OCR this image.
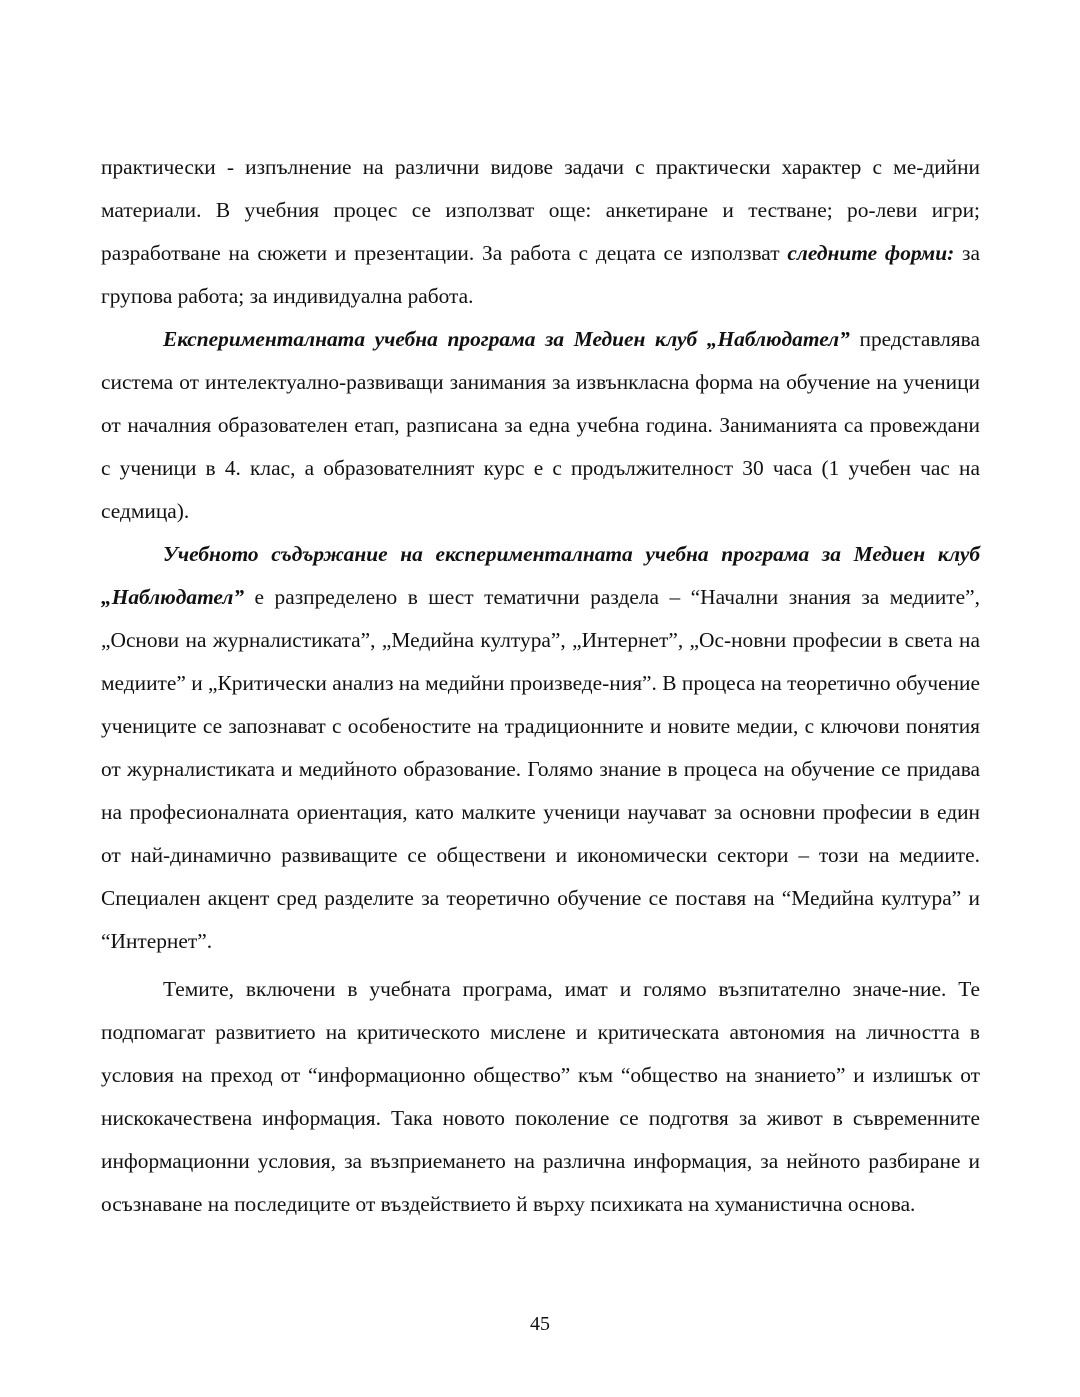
практически - изпълнение на различни видове задачи с практически характер с ме-дийни материали. В учебния процес се използват още: анкетиране и тестване; ро-леви игри; разработване на сюжети и презентации. За работа с децата се използват следните форми: за групова работа; за индивидуална работа.

Експерименталната учебна програма за Медиен клуб „Наблюдател” представлява система от интелектуално-развиващи занимания за извънкласна форма на обучение на ученици от началния образователен етап, разписана за една учебна година. Заниманията са провеждани с ученици в 4. клас, а образователният курс е с продължителност 30 часа (1 учебен час на седмица).

Учебното съдържание на експерименталната учебна програма за Медиен клуб „Наблюдател” е разпределено в шест тематични раздела – “Начални знания за медиите”, „Основи на журналистиката”, „Медийна култура”, „Интернет”, „Ос-новни професии в света на медиите” и „Критически анализ на медийни произведе-ния”. В процеса на теоретично обучение учениците се запознават с особеностите на традиционните и новите медии, с ключови понятия от журналистиката и медийното образование. Голямо знание в процеса на обучение се придава на професионалната ориентация, като малките ученици научават за основни професии в един от най-динамично развиващите се обществени и икономически сектори – този на медиите. Специален акцент сред разделите за теоретично обучение се поставя на “Медийна култура” и “Интернет”.

Темите, включени в учебната програма, имат и голямо възпитателно значе-ние. Те подпомагат развитието на критическото мислене и критическата автономия на личността в условия на преход от “информационно общество” към “общество на знанието” и излишък от нискокачествена информация. Така новото поколение се подготвя за живот в съвременните информационни условия, за възприемането на различна информация, за нейното разбиране и осъзнаване на последиците от въздействието й върху психиката на хуманистична основа.

45
